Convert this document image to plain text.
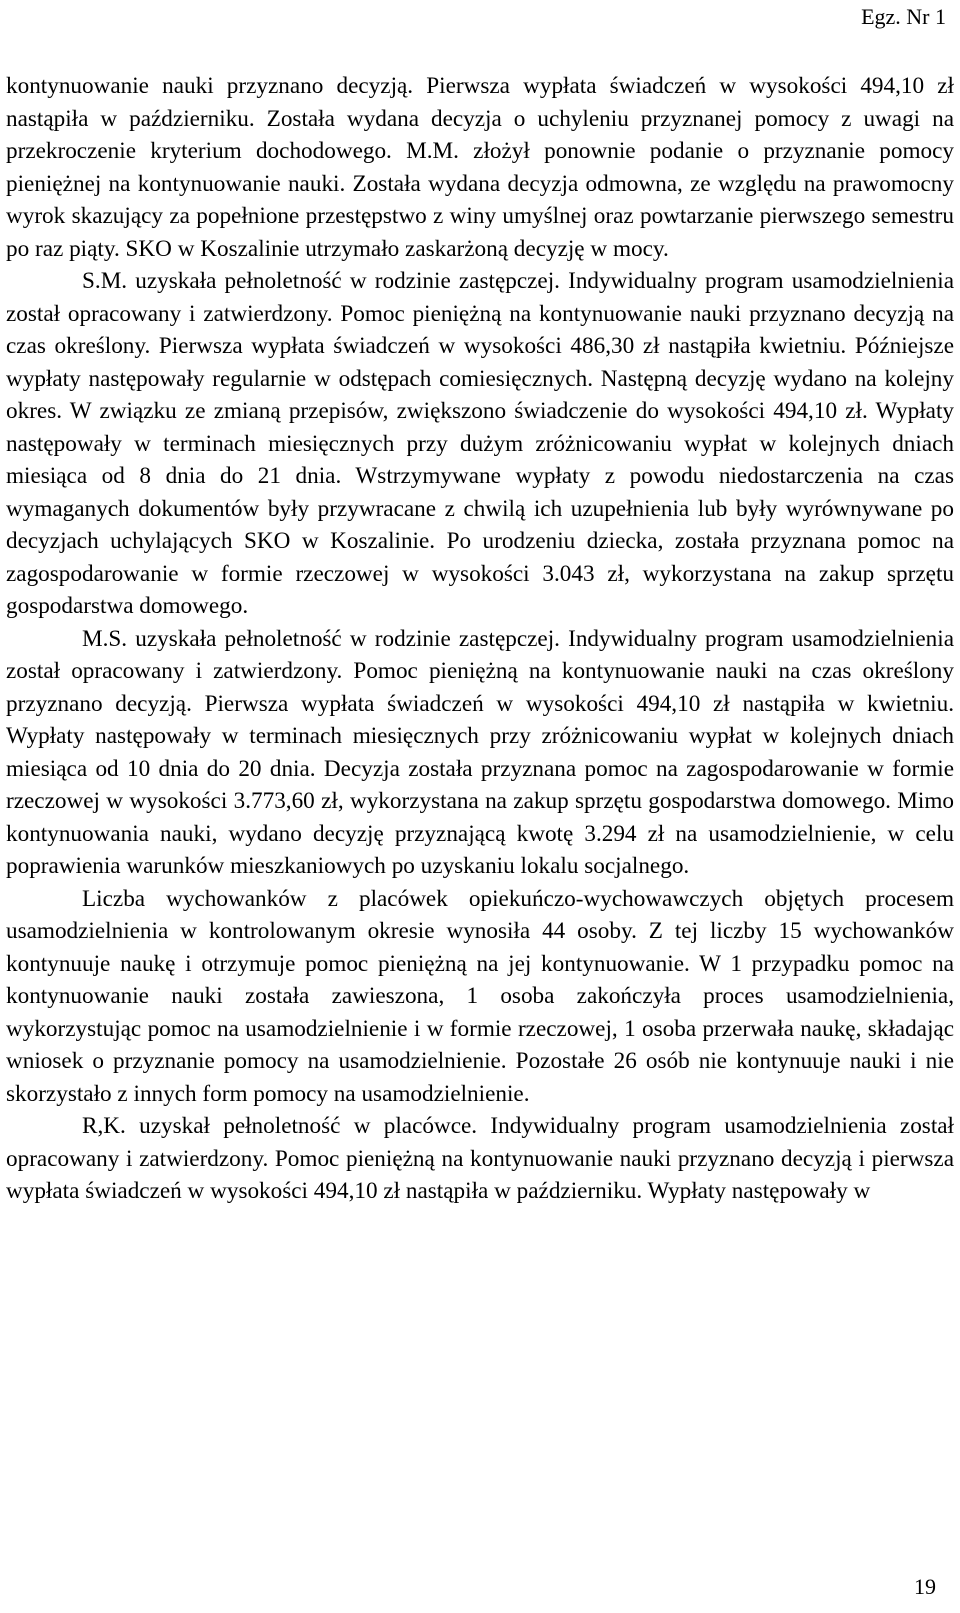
Egz. Nr 1

kontynuowanie nauki przyznano decyzją. Pierwsza wypłata świadczeń w wysokości 494,10 zł nastąpiła w październiku. Została wydana decyzja o uchyleniu przyznanej pomocy z uwagi na przekroczenie kryterium dochodowego. M.M. złożył ponownie podanie o przyznanie pomocy pieniężnej na kontynuowanie nauki. Została wydana decyzja odmowna, ze względu na prawomocny wyrok skazujący za popełnione przestępstwo z winy umyślnej oraz powtarzanie pierwszego semestru po raz piąty. SKO w Koszalinie utrzymało zaskarżoną decyzję w mocy.

S.M. uzyskała pełnoletność w rodzinie zastępczej. Indywidualny program usamodzielnienia został opracowany i zatwierdzony. Pomoc pieniężną na kontynuowanie nauki przyznano decyzją na czas określony. Pierwsza wypłata świadczeń w wysokości 486,30 zł nastąpiła kwietniu. Późniejsze wypłaty następowały regularnie w odstępach comiesięcznych. Następną decyzję wydano na kolejny okres. W związku ze zmianą przepisów, zwiększono świadczenie do wysokości 494,10 zł. Wypłaty następowały w terminach miesięcznych przy dużym zróżnicowaniu wypłat w kolejnych dniach miesiąca od 8 dnia do 21 dnia. Wstrzymywane wypłaty z powodu niedostarczenia na czas wymaganych dokumentów były przywracane z chwilą ich uzupełnienia lub były wyrównywane po decyzjach uchylających SKO w Koszalinie. Po urodzeniu dziecka, została przyznana pomoc na zagospodarowanie w formie rzeczowej w wysokości 3.043 zł, wykorzystana na zakup sprzętu gospodarstwa domowego.

M.S. uzyskała pełnoletność w rodzinie zastępczej. Indywidualny program usamodzielnienia został opracowany i zatwierdzony. Pomoc pieniężną na kontynuowanie nauki na czas określony przyznano decyzją. Pierwsza wypłata świadczeń w wysokości 494,10 zł nastąpiła w kwietniu. Wypłaty następowały w terminach miesięcznych przy zróżnicowaniu wypłat w kolejnych dniach miesiąca od 10 dnia do 20 dnia. Decyzja została przyznana pomoc na zagospodarowanie w formie rzeczowej w wysokości 3.773,60 zł, wykorzystana na zakup sprzętu gospodarstwa domowego. Mimo kontynuowania nauki, wydano decyzję przyznającą kwotę 3.294 zł na usamodzielnienie, w celu poprawienia warunków mieszkaniowych po uzyskaniu lokalu socjalnego.

Liczba wychowanków z placówek opiekuńczo-wychowawczych objętych procesem usamodzielnienia w kontrolowanym okresie wynosiła 44 osoby. Z tej liczby 15 wychowanków kontynuuje naukę i otrzymuje pomoc pieniężną na jej kontynuowanie. W 1 przypadku pomoc na kontynuowanie nauki została zawieszona, 1 osoba zakończyła proces usamodzielnienia, wykorzystując pomoc na usamodzielnienie i w formie rzeczowej, 1 osoba przerwała naukę, składając wniosek o przyznanie pomocy na usamodzielnienie. Pozostałe 26 osób nie kontynuuje nauki i nie skorzystało z innych form pomocy na usamodzielnienie.

R,K. uzyskał pełnoletność w placówce. Indywidualny program usamodzielnienia został opracowany i zatwierdzony. Pomoc pieniężną na kontynuowanie nauki przyznano decyzją i pierwsza wypłata świadczeń w wysokości 494,10 zł nastąpiła w październiku. Wypłaty następowały w

19
